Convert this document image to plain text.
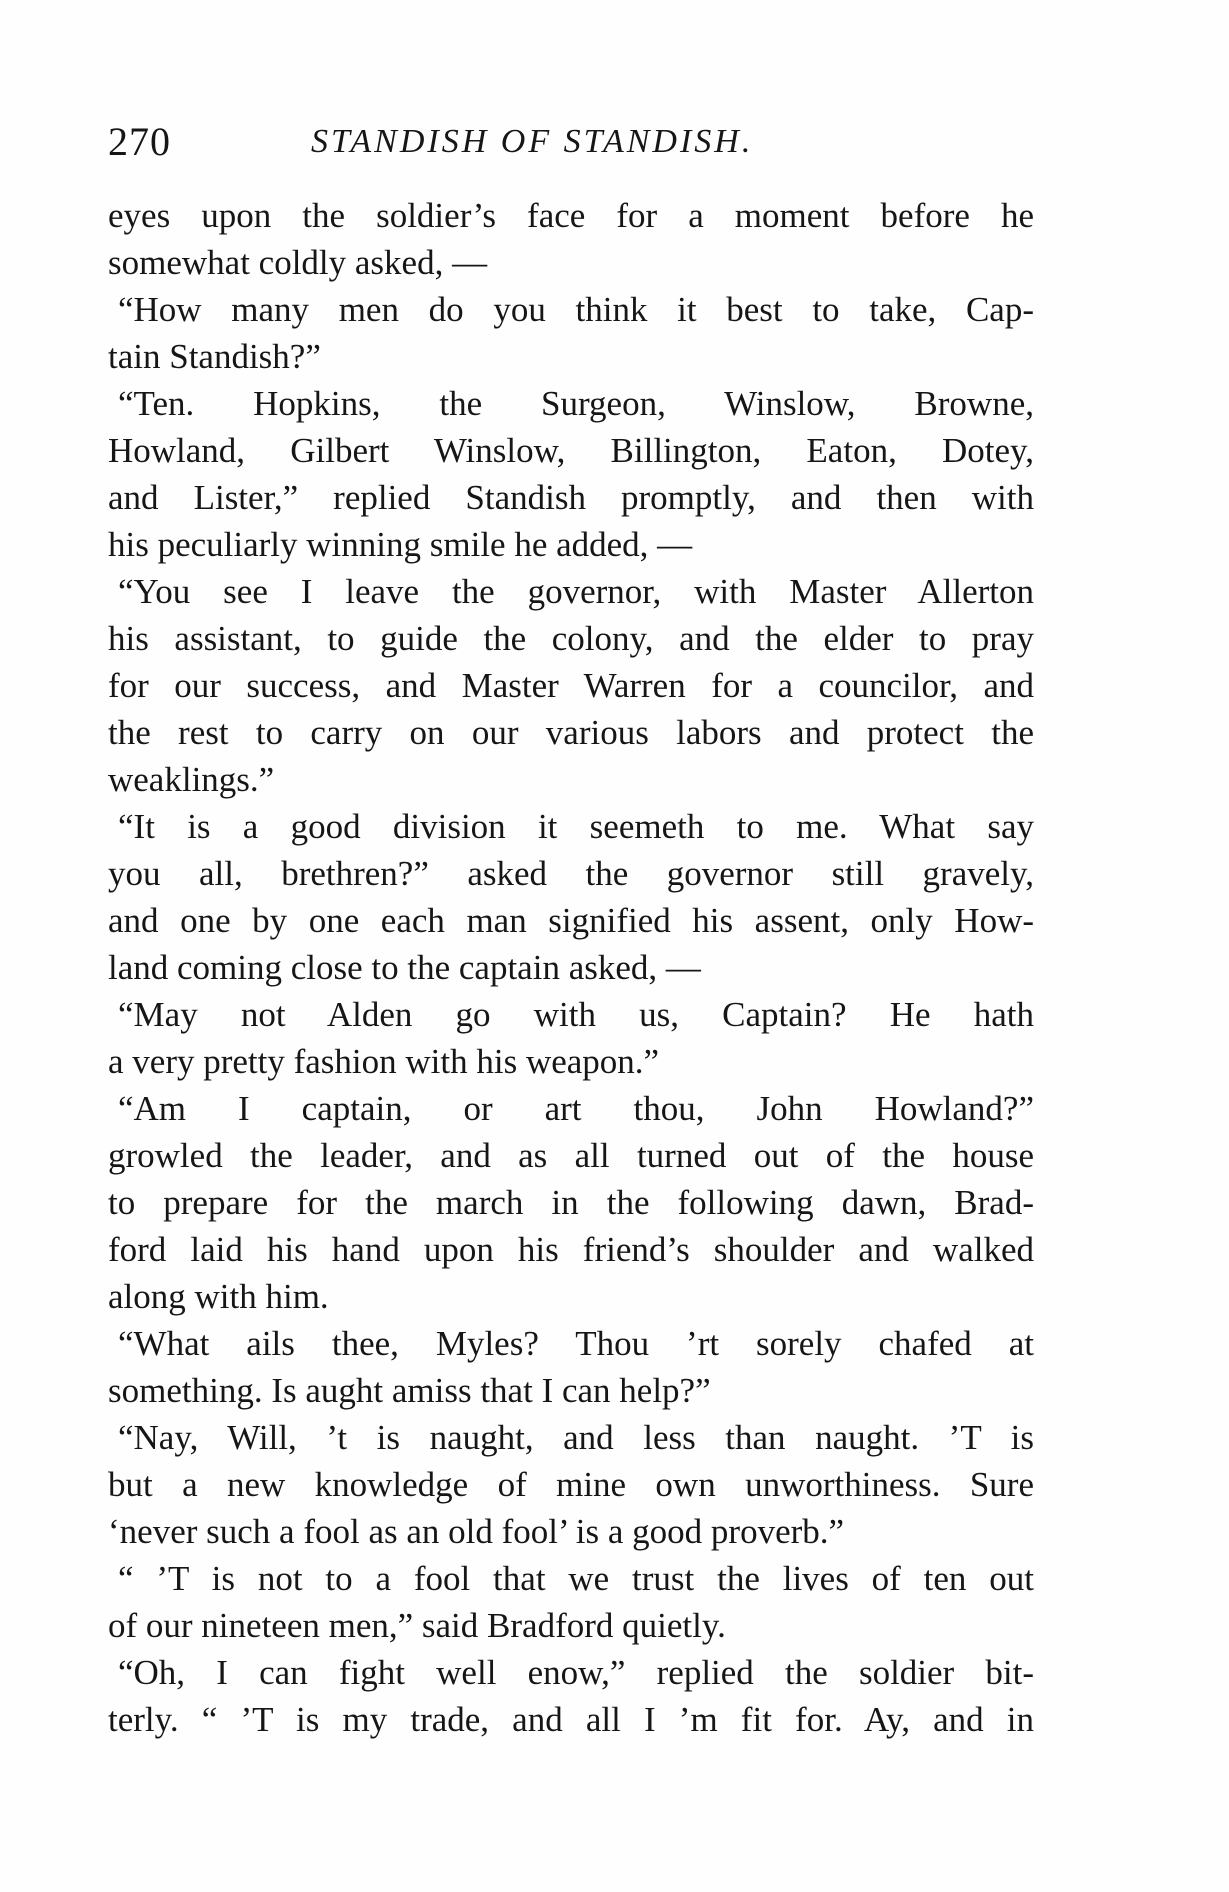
270	STANDISH OF STANDISH.
eyes upon the soldier’s face for a moment before he
somewhat coldly asked, —
“How many men do you think it best to take, Cap-
tain Standish?”
“Ten. Hopkins, the Surgeon, Winslow, Browne,
Howland, Gilbert Winslow, Billington, Eaton, Dotey,
and Lister,” replied Standish promptly, and then with
his peculiarly winning smile he added, —
“You see I leave the governor, with Master Allerton
his assistant, to guide the colony, and the elder to pray
for our success, and Master Warren for a councilor, and
the rest to carry on our various labors and protect the
weaklings.”
“It is a good division it seemeth to me. What say
you all, brethren?” asked the governor still gravely,
and one by one each man signified his assent, only How-
land coming close to the captain asked, —
“May not Alden go with us, Captain? He hath
a very pretty fashion with his weapon.”
“Am I captain, or art thou, John Howland?”
growled the leader, and as all turned out of the house
to prepare for the march in the following dawn, Brad-
ford laid his hand upon his friend’s shoulder and walked
along with him.
“What ails thee, Myles? Thou ’rt sorely chafed at
something. Is aught amiss that I can help?”
“Nay, Will, ’t is naught, and less than naught. ’T is
but a new knowledge of mine own unworthiness. Sure
‘never such a fool as an old fool’ is a good proverb.”
“ ’T is not to a fool that we trust the lives of ten out
of our nineteen men,” said Bradford quietly.
“Oh, I can fight well enow,” replied the soldier bit-
terly. “ ’T is my trade, and all I ’m fit for. Ay, and in
